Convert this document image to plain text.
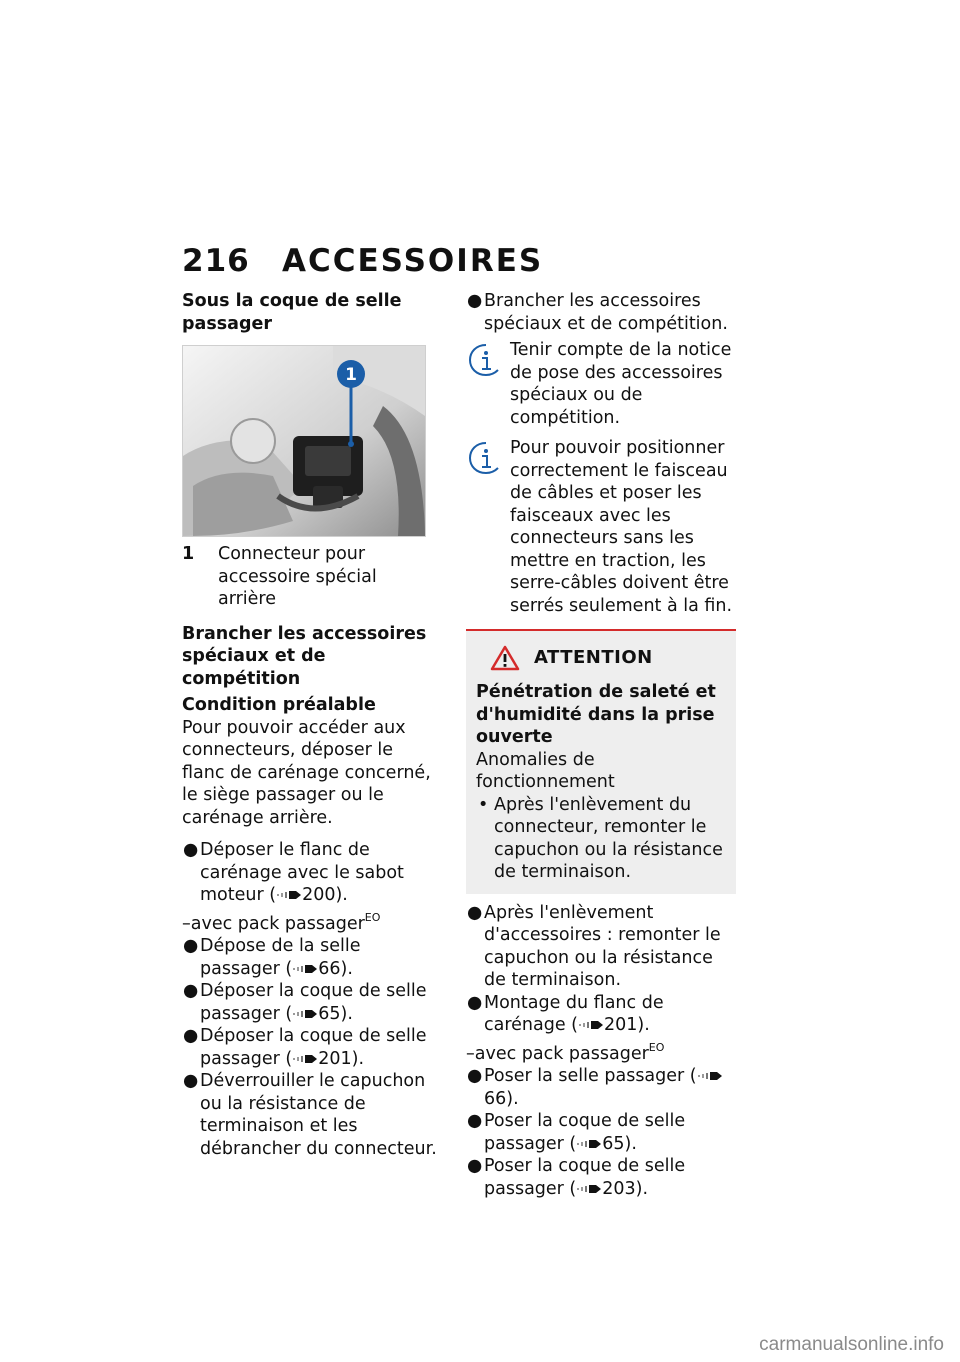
216 ACCESSOIRES
Sous la coque de selle passager
1
1	Connecteur pour accessoire spécial arrière
Brancher les accessoires spéciaux et de compétition
Condition préalable

Pour pouvoir accéder aux connecteurs, déposer le flanc de carénage concerné, le siège passager ou le carénage arrière.

● Déposer le flanc de carénage avec le sabot moteur ( 200).
–avec pack passager$^{EO}$
● Dépose de la selle passager ( 66).
● Déposer la coque de selle passager ( 65).
● Déposer la coque de selle passager ( 201).
● Déverrouiller le capuchon ou la résistance de terminaison et les débrancher du connecteur.
● Brancher les accessoires spéciaux et de compétition.
Tenir compte de la notice de pose des accessoires spéciaux ou de compétition.
Pour pouvoir positionner correctement le faisceau de câbles et poser les faisceaux avec les connecteurs sans les mettre en traction, les serre-câbles doivent être serrés seulement à la fin.
ATTENTION
Pénétration de saleté et d'humidité dans la prise ouverte

Anomalies de fonctionnement

• Après l'enlèvement du connecteur, remonter le capuchon ou la résistance de terminaison.
● Après l'enlèvement d'accessoires : remonter le capuchon ou la résistance de terminaison.
● Montage du flanc de carénage ( 201).
–avec pack passager$^{EO}$
● Poser la selle passager (66).
● Poser la coque de selle passager ( 65).
● Poser la coque de selle passager ( 203).
carmanualsonline.info
